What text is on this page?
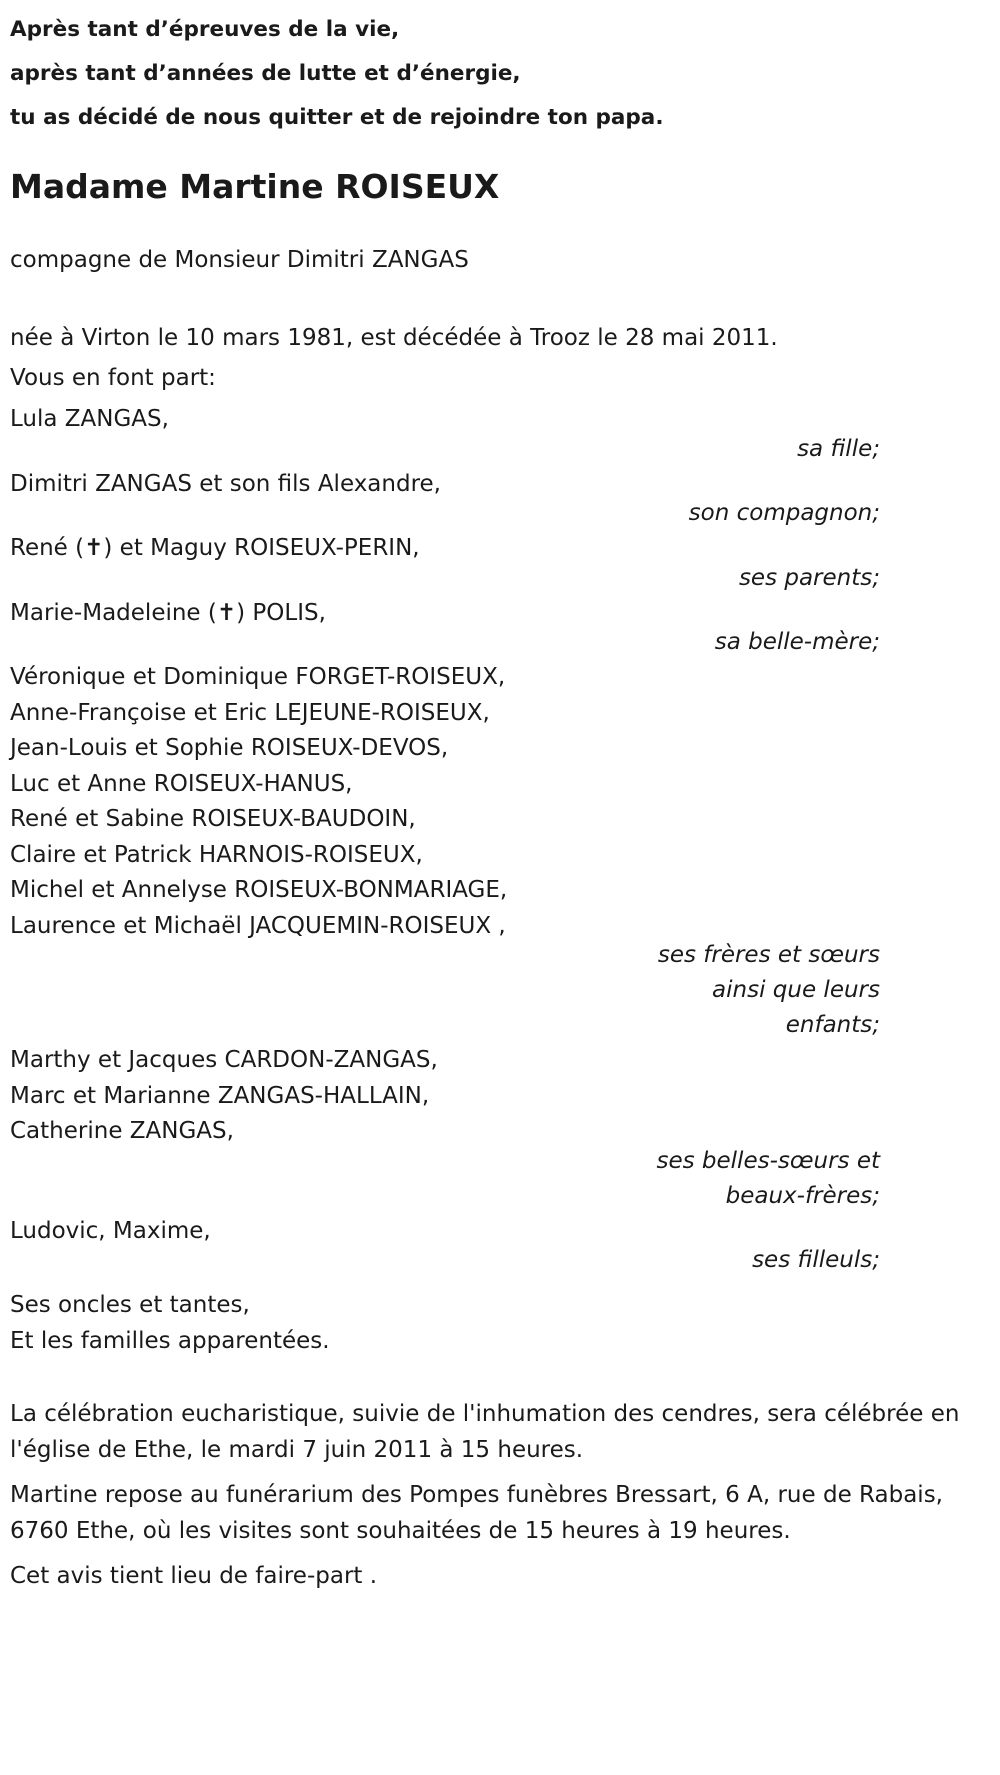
Après tant d’épreuves de la vie,
après tant d’années de lutte et d’énergie,
tu as décidé de nous quitter et de rejoindre ton papa.
Madame Martine ROISEUX
compagne de Monsieur Dimitri ZANGAS
née à Virton le 10 mars 1981, est décédée à Trooz le 28 mai 2011.
Vous en font part:
Lula ZANGAS,
sa fille;
Dimitri ZANGAS et son fils Alexandre,
son compagnon;
René (✝) et Maguy ROISEUX-PERIN,
ses parents;
Marie-Madeleine (✝) POLIS,
sa belle-mère;
Véronique et Dominique FORGET-ROISEUX,
Anne-Françoise et Eric LEJEUNE-ROISEUX,
Jean-Louis et Sophie ROISEUX-DEVOS,
Luc et Anne ROISEUX-HANUS,
René et Sabine ROISEUX-BAUDOIN,
Claire et Patrick HARNOIS-ROISEUX,
Michel et Annelyse ROISEUX-BONMARIAGE,
Laurence et Michaël JACQUEMIN-ROISEUX ,
ses frères et sœurs
ainsi que leurs
enfants;
Marthy et Jacques CARDON-ZANGAS,
Marc et Marianne ZANGAS-HALLAIN,
Catherine ZANGAS,
ses belles-sœurs et
beaux-frères;
Ludovic, Maxime,
ses filleuls;
Ses oncles et tantes,
Et les familles apparentées.
La célébration eucharistique, suivie de l'inhumation des cendres, sera célébrée en l'église de Ethe, le mardi 7 juin 2011 à 15 heures.
Martine repose au funérarium des Pompes funèbres Bressart, 6 A, rue de Rabais, 6760 Ethe, où les visites sont souhaitées de 15 heures à 19 heures.
Cet avis tient lieu de faire-part .
